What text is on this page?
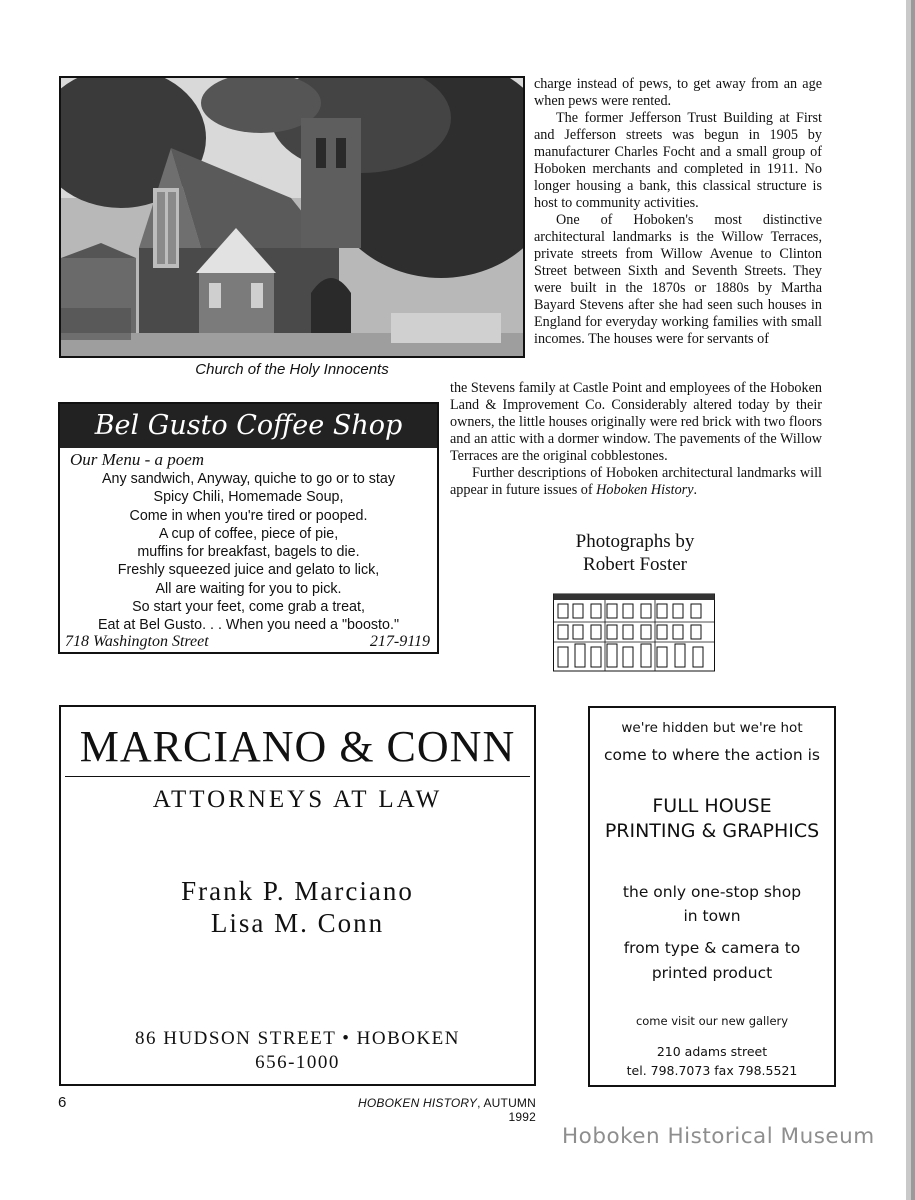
Church of the Holy Innocents

charge instead of pews, to get away from an age when pews were rented.

The former Jefferson Trust Building at First and Jefferson streets was begun in 1905 by manufacturer Charles Focht and a small group of Hoboken merchants and completed in 1911. No longer housing a bank, this classical structure is host to community activities.

One of Hoboken's most distinctive architectural landmarks is the Willow Terraces, private streets from Willow Avenue to Clinton Street between Sixth and Seventh Streets. They were built in the 1870s or 1880s by Martha Bayard Stevens after she had seen such houses in England for everyday working families with small incomes. The houses were for servants of

the Stevens family at Castle Point and employees of the Hoboken Land & Improvement Co. Considerably altered today by their owners, the little houses originally were red brick with two floors and an attic with a dormer window. The pavements of the Willow Terraces are the original cobblestones.

Further descriptions of Hoboken architectural landmarks will appear in future issues of Hoboken History.

Photographs by
Robert Foster
Bel Gusto Coffee Shop
Our Menu - a poem
Any sandwich, Anyway, quiche to go or to stay
Spicy Chili, Homemade Soup,
Come in when you're tired or pooped.
A cup of coffee, piece of pie,
muffins for breakfast, bagels to die.
Freshly squeezed juice and gelato to lick,
All are waiting for you to pick.
So start your feet, come grab a treat,
Eat at Bel Gusto. . . When you need a "boosto."
718 Washington Street	217-9119
MARCIANO & CONN
ATTORNEYS AT LAW
Frank P. Marciano
Lisa M. Conn
86 HUDSON STREET • HOBOKEN
656-1000
we're hidden but we're hot
come to where the action is
FULL HOUSE
PRINTING & GRAPHICS
the only one-stop shop
in town
from type & camera to
printed product
come visit our new gallery
210 adams street
tel. 798.7073 fax 798.5521
6	HOBOKEN HISTORY, AUTUMN 1992
Hoboken Historical Museum
